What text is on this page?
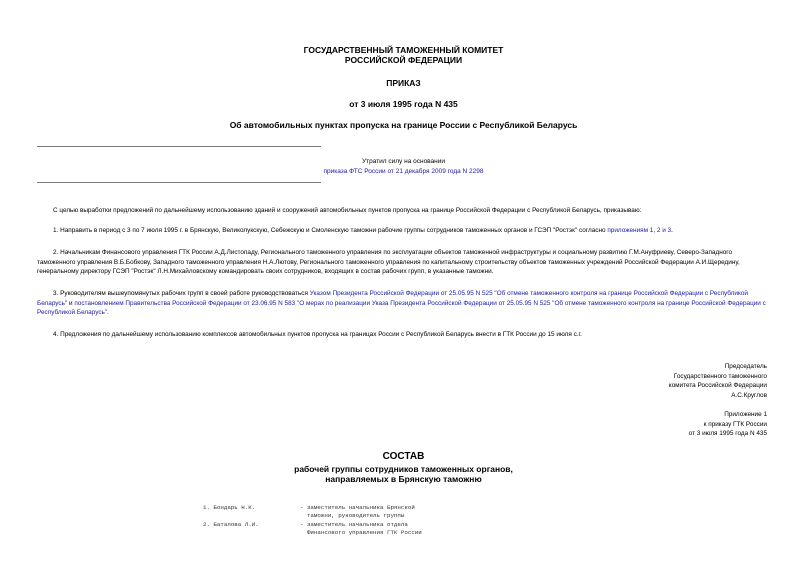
ГОСУДАРСТВЕННЫЙ ТАМОЖЕННЫЙ КОМИТЕТ
РОССИЙСКОЙ ФЕДЕРАЦИИ
ПРИКАЗ
от 3 июля 1995 года N 435
Об автомобильных пунктах пропуска на границе России с Республикой Беларусь
Утратил силу на основании
приказа ФТС России от 21 декабря 2009 года N 2298
С целью выработки предложений по дальнейшему использованию зданий и сооружений автомобильных пунктов пропуска на границе Российской Федерации с Республикой Беларусь, приказываю:
1. Направить в период с 3 по 7 июля 1995 г. в Брянскую, Великолукскую, Себежскую и Смоленскую таможни рабочие группы сотрудников таможенных органов и ГСЭП "Ростэк" согласно приложениям 1, 2 и 3.
2. Начальникам Финансового управления ГТК России А.Д.Листопаду, Регионального таможенного управления по эксплуатации объектов таможенной инфраструктуры и социальному развитию Г.М.Ануфриеву, Северо-Западного таможенного управления В.Б.Бобкову, Западного таможенного управления Н.А.Лютову, Регионального таможенного управления по капитальному строительству объектов таможенных учреждений Российской Федерации А.И.Щередину, генеральному директору ГСЭП "Ростэк" Л.Н.Михайловскому командировать своих сотрудников, входящих в состав рабочих групп, в указанные таможни.
3. Руководителям вышеупомянутых рабочих групп в своей работе руководствоваться Указом Президента Российской Федерации от 25.05.95 N 525 "Об отмене таможенного контроля на границе Российской Федерации с Республикой Беларусь" и постановлением Правительства Российской Федерации от 23.06.95 N 583 "О мерах по реализации Указа Президента Российской Федерации от 25.05.95 N 525 "Об отмене таможенного контроля на границе Российской Федерации с Республикой Беларусь".
4. Предложения по дальнейшему использованию комплексов автомобильных пунктов пропуска на границах России с Республикой Беларусь внести в ГТК России до 15 июля с.г.
Председатель
Государственного таможенного
комитета Российской Федерации
А.С.Круглов
Приложение 1
к приказу ГТК России
от 3 июля 1995 года N 435
СОСТАВ
рабочей группы сотрудников таможенных органов,
направляемых в Брянскую таможню
1. Бондарь Н.К.	- заместитель начальника Брянской
таможни, руководитель группы
2. Баталова Л.И.	- заместитель начальника отдела
Финансового управления ГТК России
